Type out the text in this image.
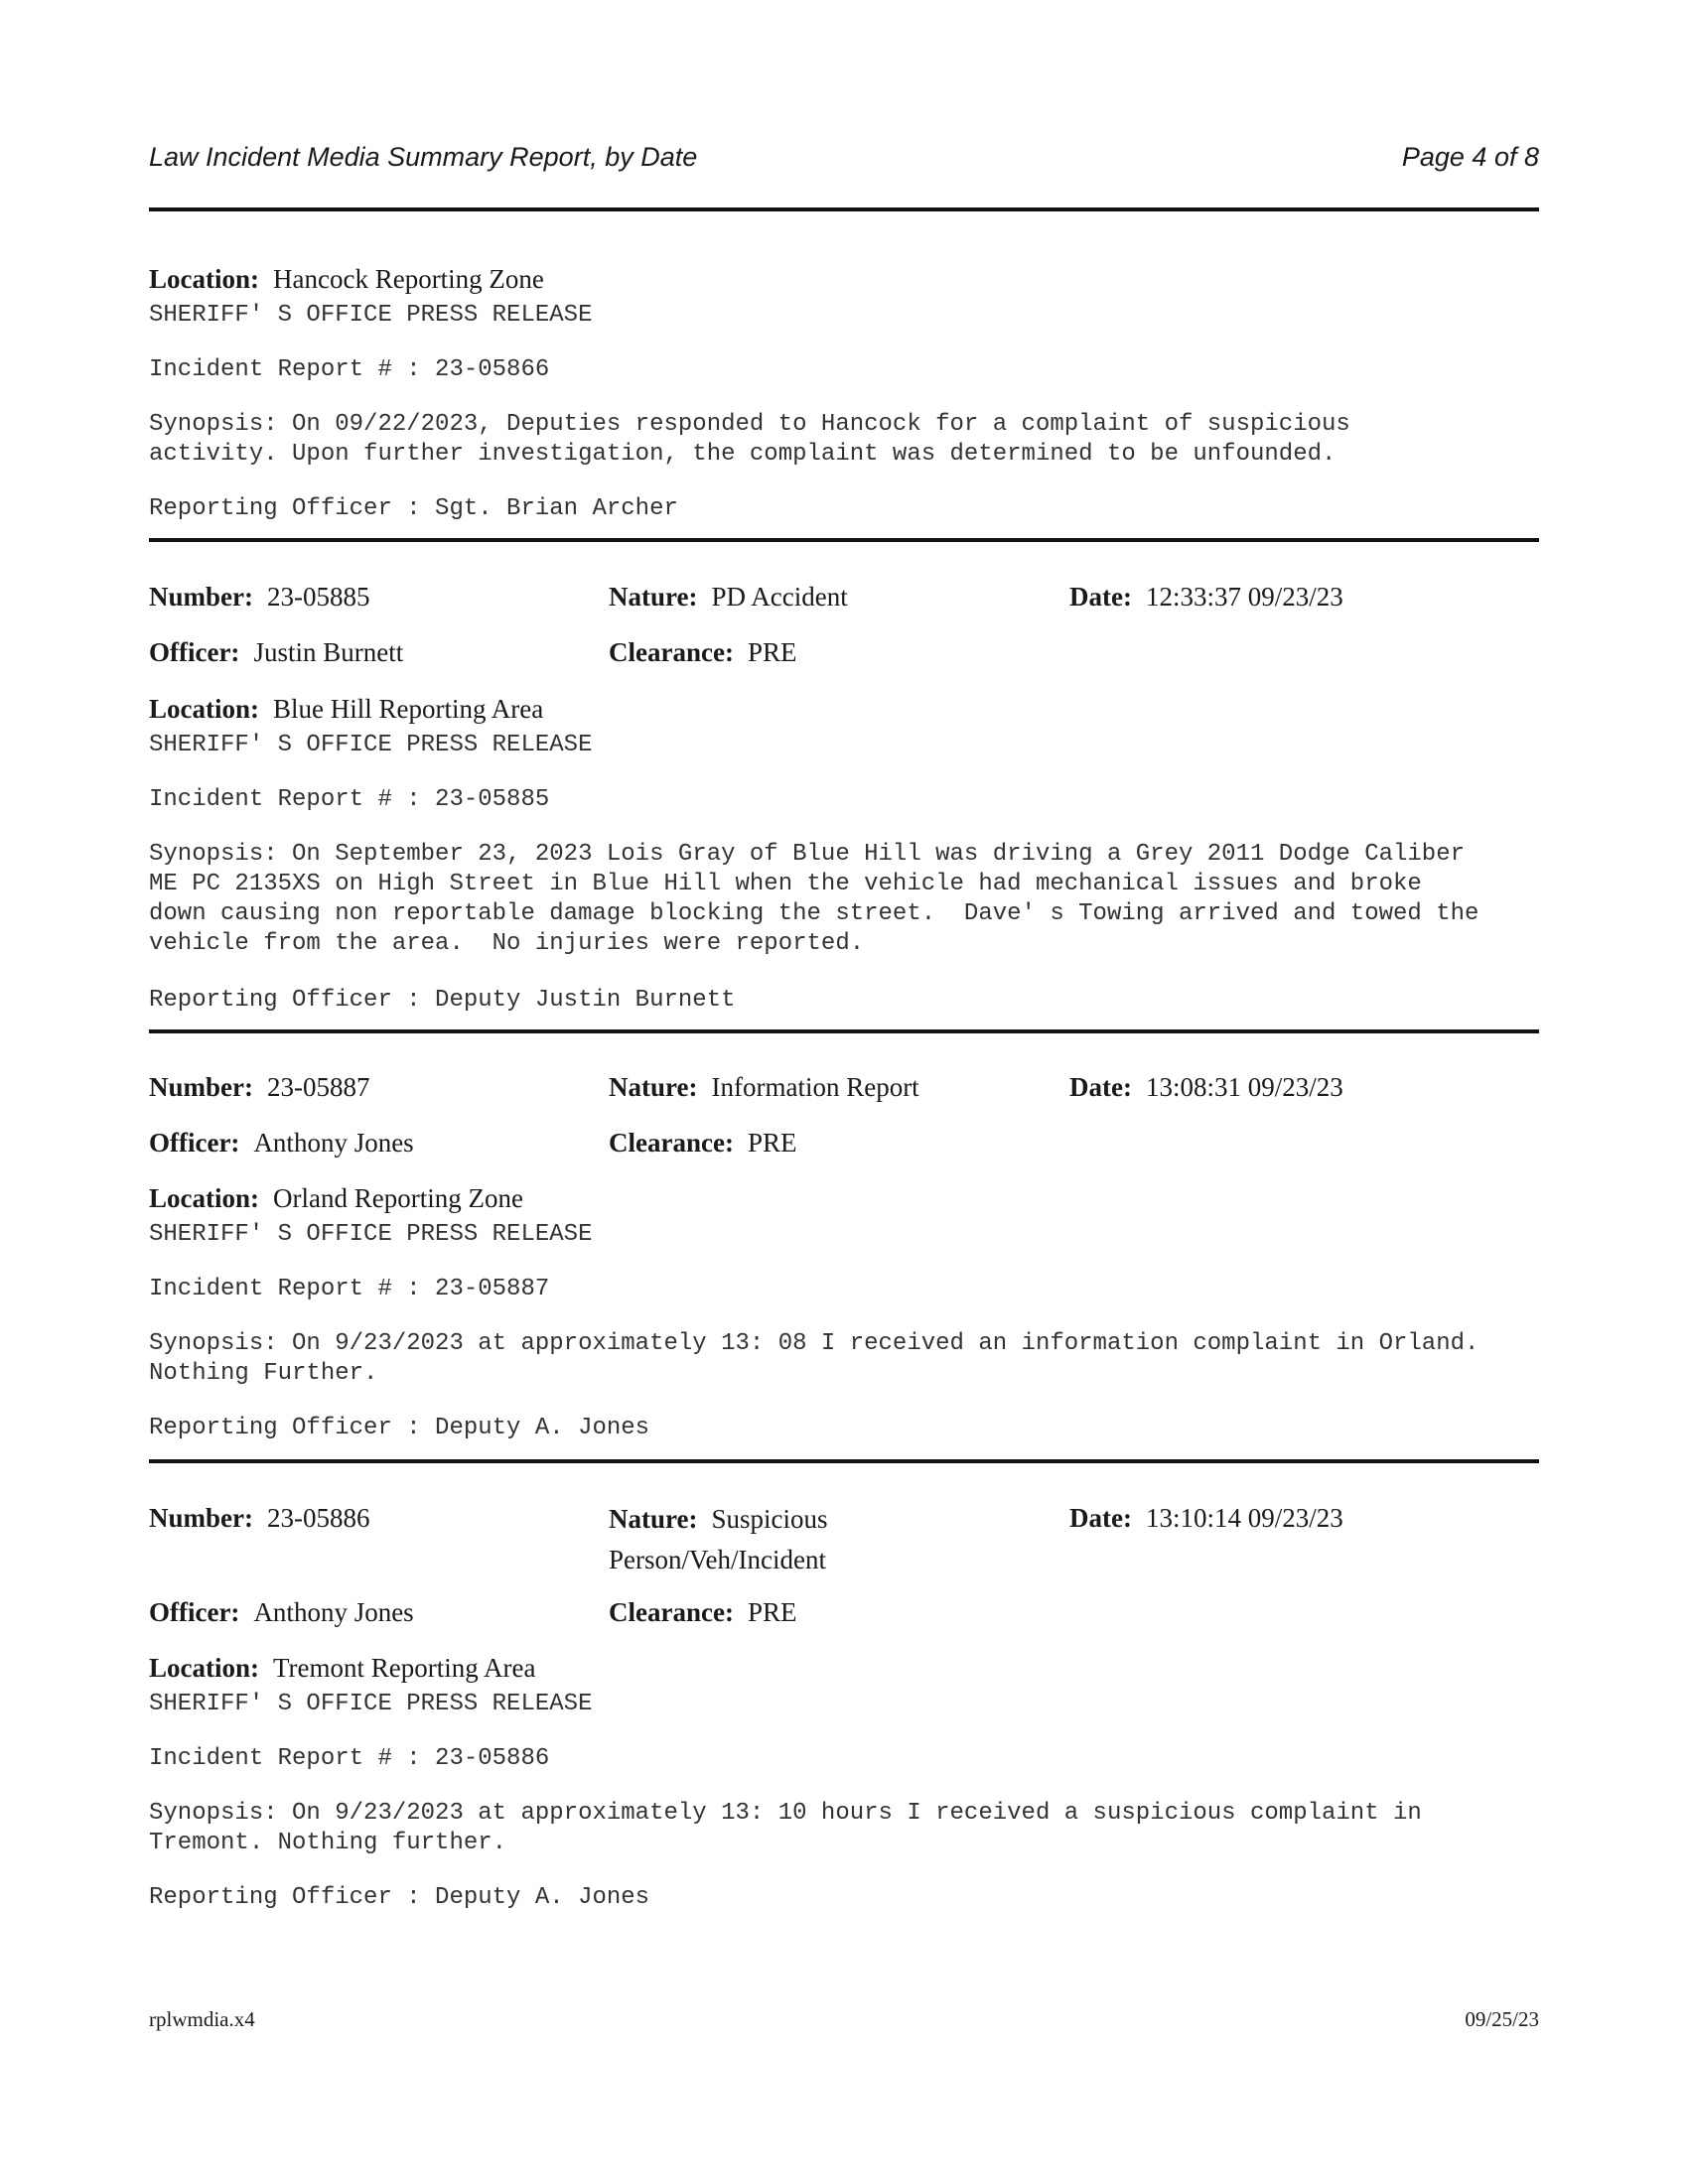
Law Incident Media Summary Report, by Date	Page 4 of 8
Location: Hancock Reporting Zone
SHERIFF' S OFFICE PRESS RELEASE
Incident Report # : 23-05866
Synopsis: On 09/22/2023, Deputies responded to Hancock for a complaint of suspicious
activity. Upon further investigation, the complaint was determined to be unfounded.
Reporting Officer : Sgt. Brian Archer
Number: 23-05885	Nature: PD Accident	Date: 12:33:37 09/23/23
Officer: Justin Burnett	Clearance: PRE
Location: Blue Hill Reporting Area
SHERIFF' S OFFICE PRESS RELEASE
Incident Report # : 23-05885
Synopsis: On September 23, 2023 Lois Gray of Blue Hill was driving a Grey 2011 Dodge Caliber
ME PC 2135XS on High Street in Blue Hill when the vehicle had mechanical issues and broke
down causing non reportable damage blocking the street.  Dave' s Towing arrived and towed the
vehicle from the area.  No injuries were reported.
Reporting Officer : Deputy Justin Burnett
Number: 23-05887	Nature: Information Report	Date: 13:08:31 09/23/23
Officer: Anthony Jones	Clearance: PRE
Location: Orland Reporting Zone
SHERIFF' S OFFICE PRESS RELEASE
Incident Report # : 23-05887
Synopsis: On 9/23/2023 at approximately 13: 08 I received an information complaint in Orland.
Nothing Further.
Reporting Officer : Deputy A. Jones
Number: 23-05886	Nature: Suspicious Person/Veh/Incident
Date: 13:10:14 09/23/23
Officer: Anthony Jones	Clearance: PRE
Location: Tremont Reporting Area
SHERIFF' S OFFICE PRESS RELEASE
Incident Report # : 23-05886
Synopsis: On 9/23/2023 at approximately 13: 10 hours I received a suspicious complaint in
Tremont. Nothing further.
Reporting Officer : Deputy A. Jones
rplwmdia.x4	09/25/23
